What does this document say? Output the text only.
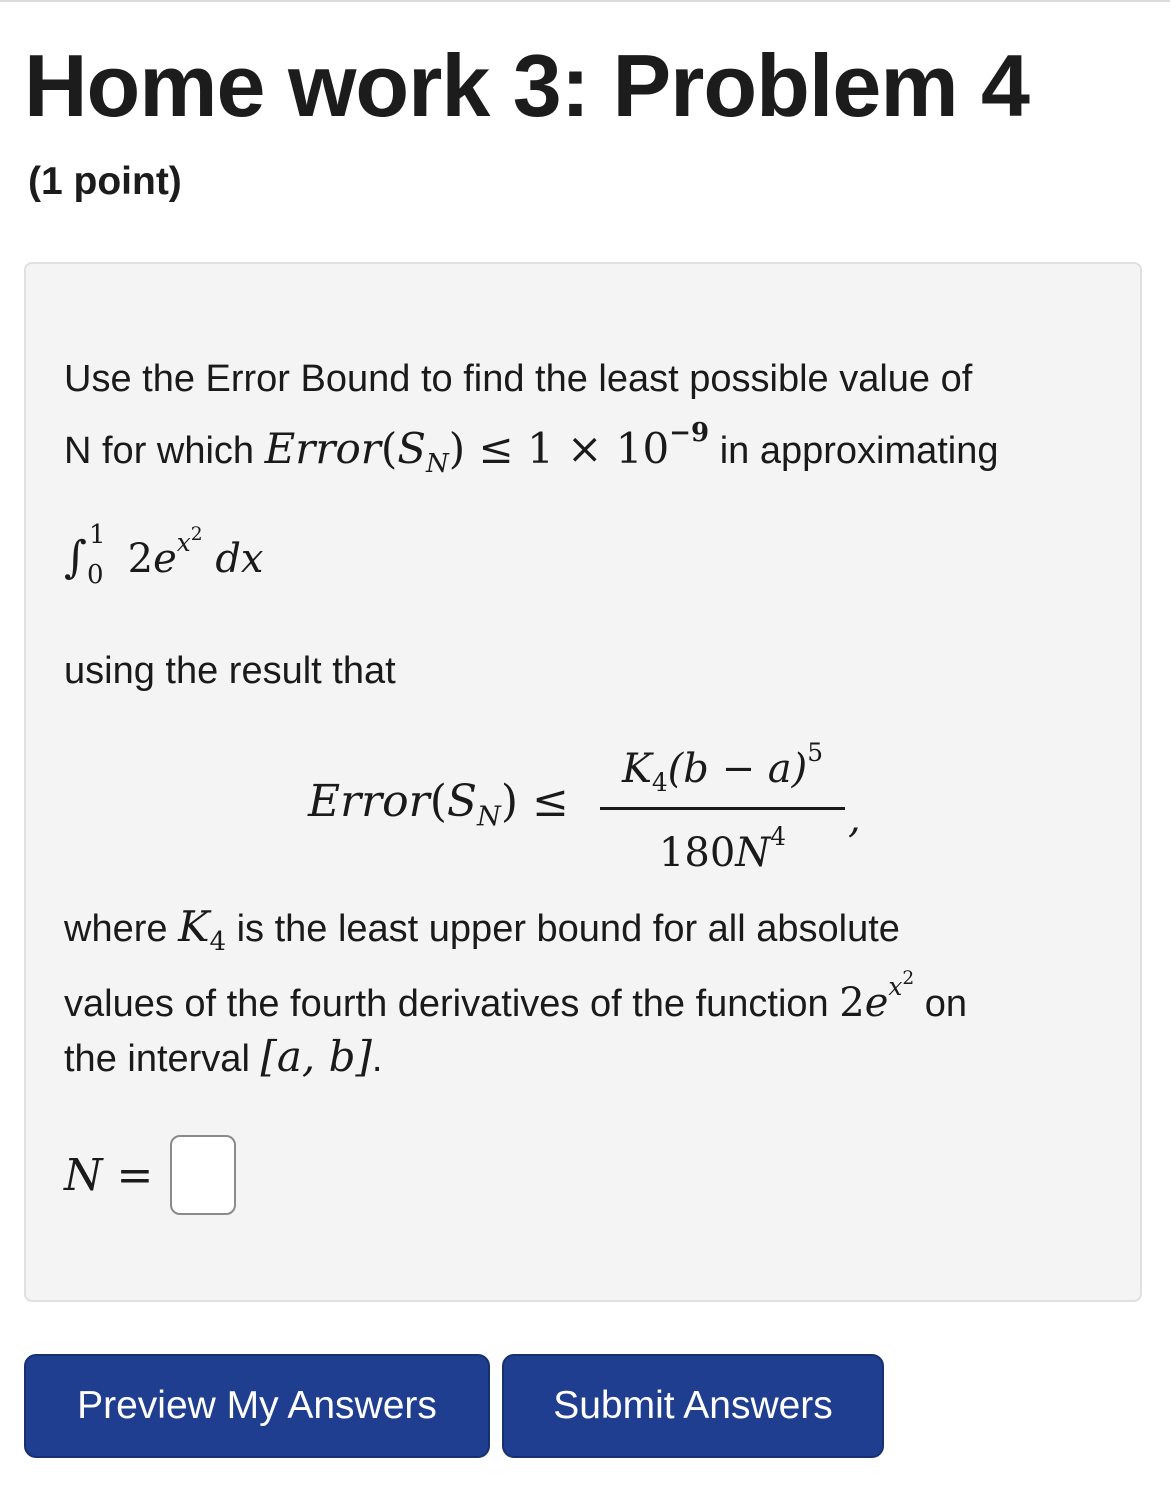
Home work 3: Problem 4
(1 point)
Use the Error Bound to find the least possible value of
N for which $Error(S_N) \le 1 \times 10^{-9}$ in approximating
∫ 1
0 $2e^{x^2}$ dx
using the result that
$Error(S_N)$ ≤
$K_4(b - a)^5$
$180N^4$	,
where $K_4$ is the least upper bound for all absolute
values of the fourth derivatives of the function $2e^{x^2}$ on
the interval [a, b].
N =
Preview My Answers	Submit Answers
